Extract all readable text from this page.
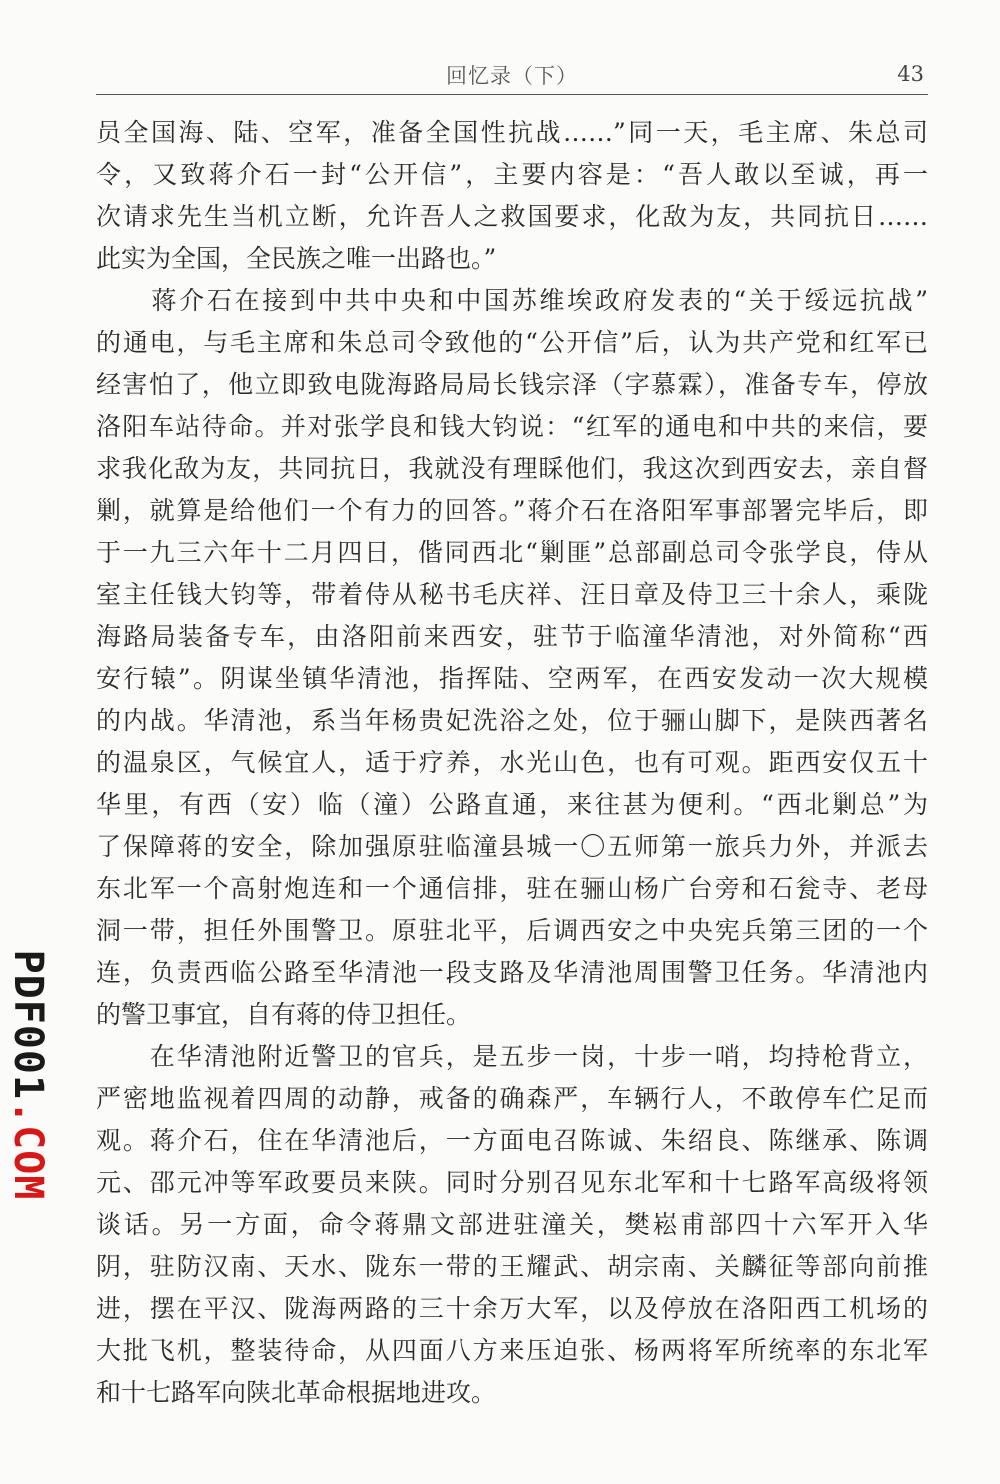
回忆录（下）	43
员全国海、陆、空军，准备全国性抗战……”同一天，毛主席、朱总司
令，又致蒋介石一封“公开信”，主要内容是：“吾人敢以至诚，再一
次请求先生当机立断，允许吾人之救国要求，化敌为友，共同抗日……
此实为全国，全民族之唯一出路也。”
　　蒋介石在接到中共中央和中国苏维埃政府发表的“关于绥远抗战”
的通电，与毛主席和朱总司令致他的“公开信”后，认为共产党和红军已
经害怕了，他立即致电陇海路局局长钱宗泽（字慕霖），准备专车，停放
洛阳车站待命。并对张学良和钱大钧说：“红军的通电和中共的来信，要
求我化敌为友，共同抗日，我就没有理睬他们，我这次到西安去，亲自督
剿，就算是给他们一个有力的回答。”蒋介石在洛阳军事部署完毕后，即
于一九三六年十二月四日，偕同西北“剿匪”总部副总司令张学良，侍从
室主任钱大钧等，带着侍从秘书毛庆祥、汪日章及侍卫三十余人，乘陇
海路局装备专车，由洛阳前来西安，驻节于临潼华清池，对外简称“西
安行辕”。阴谋坐镇华清池，指挥陆、空两军，在西安发动一次大规模
的内战。华清池，系当年杨贵妃洗浴之处，位于骊山脚下，是陕西著名
的温泉区，气候宜人，适于疗养，水光山色，也有可观。距西安仅五十
华里，有西（安）临（潼）公路直通，来往甚为便利。“西北剿总”为
了保障蒋的安全，除加强原驻临潼县城一〇五师第一旅兵力外，并派去
东北军一个高射炮连和一个通信排，驻在骊山杨广台旁和石瓮寺、老母
洞一带，担任外围警卫。原驻北平，后调西安之中央宪兵第三团的一个
连，负责西临公路至华清池一段支路及华清池周围警卫任务。华清池内
的警卫事宜，自有蒋的侍卫担任。
　　在华清池附近警卫的官兵，是五步一岗，十步一哨，均持枪背立，
严密地监视着四周的动静，戒备的确森严，车辆行人，不敢停车伫足而
观。蒋介石，住在华清池后，一方面电召陈诚、朱绍良、陈继承、陈调
元、邵元冲等军政要员来陕。同时分别召见东北军和十七路军高级将领
谈话。另一方面，命令蒋鼎文部进驻潼关，樊崧甫部四十六军开入华
阴，驻防汉南、天水、陇东一带的王耀武、胡宗南、关麟征等部向前推
进，摆在平汉、陇海两路的三十余万大军，以及停放在洛阳西工机场的
大批飞机，整装待命，从四面八方来压迫张、杨两将军所统率的东北军
和十七路军向陕北革命根据地进攻。
PDF001.COM
